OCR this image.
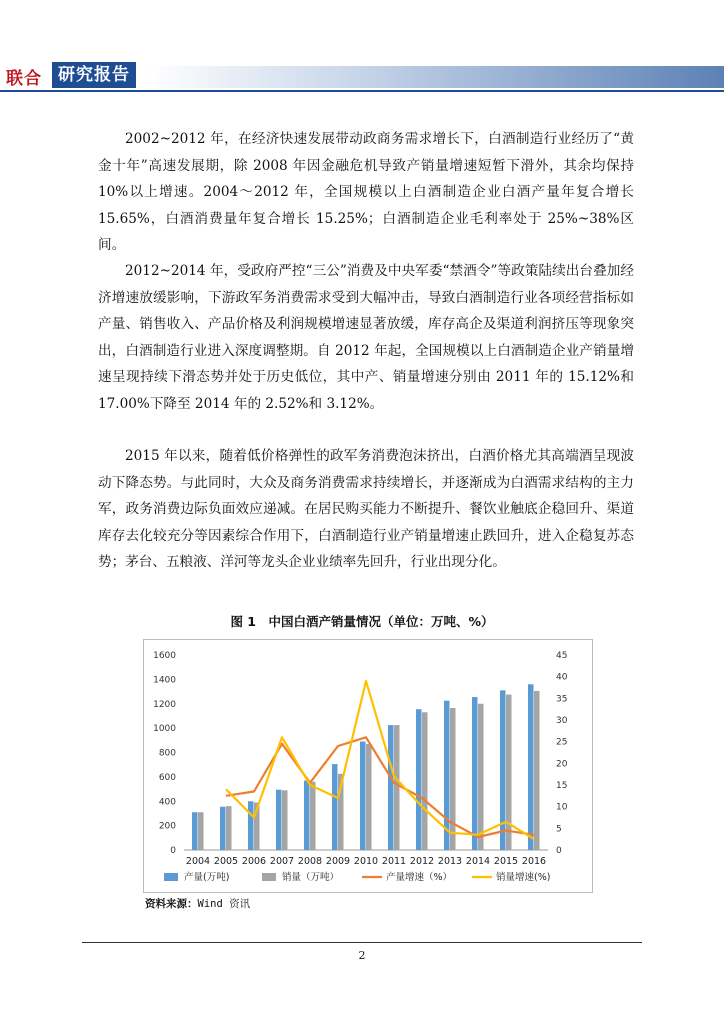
联合 研究报告

2002~2012 年，在经济快速发展带动政商务需求增长下，白酒制造行业经历了“黄金十年”高速发展期，除 2008 年因金融危机导致产销量增速短暂下滑外，其余均保持 10%以上增速。2004～2012 年，全国规模以上白酒制造企业白酒产量年复合增长 15.65%，白酒消费量年复合增长 15.25%；白酒制造企业毛利率处于 25%~38%区间。

2012~2014 年，受政府严控“三公”消费及中央军委“禁酒令”等政策陆续出台叠加经济增速放缓影响，下游政军务消费需求受到大幅冲击，导致白酒制造行业各项经营指标如产量、销售收入、产品价格及利润规模增速显著放缓，库存高企及渠道利润挤压等现象突出，白酒制造行业进入深度调整期。自 2012 年起，全国规模以上白酒制造企业产销量增速呈现持续下滑态势并处于历史低位，其中产、销量增速分别由 2011 年的 15.12%和 17.00%下降至 2014 年的 2.52%和 3.12%。

2015 年以来，随着低价格弹性的政军务消费泡沫挤出，白酒价格尤其高端酒呈现波动下降态势。与此同时，大众及商务消费需求持续增长，并逐渐成为白酒需求结构的主力军，政务消费边际负面效应递减。在居民购买能力不断提升、餐饮业触底企稳回升、渠道库存去化较充分等因素综合作用下，白酒制造行业产销量增速止跌回升，进入企稳复苏态势；茅台、五粮液、洋河等龙头企业业绩率先回升，行业出现分化。

图 1　中国白酒产销量情况（单位：万吨、%）
0
200
400
600
800
1000
1200
1400
1600
0
5
10
15
20
25
30
35
40
45
2004 2005 2006 2007 2008 2009 2010 2011 2012 2013 2014 2015 2016
产量(万吨)	销量（万吨）	产量增速（%）	销量增速(%)
资料来源：Wind 资讯
2
